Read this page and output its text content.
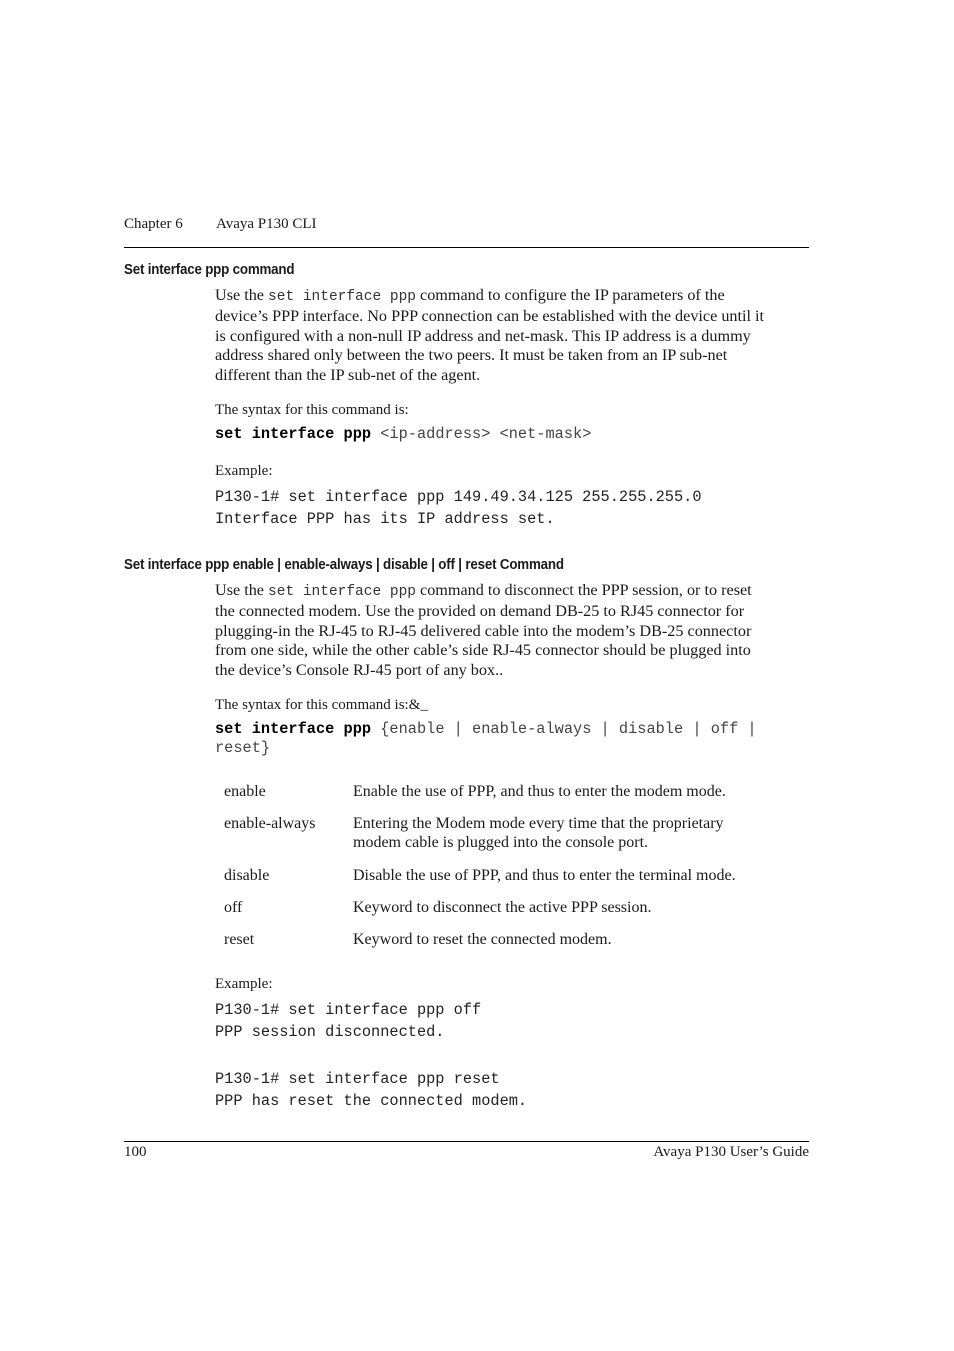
Chapter 6 Avaya P130 CLI
Set interface ppp command
Use the set interface ppp command to configure the IP parameters of the
device’s PPP interface. No PPP connection can be established with the device until it
is configured with a non-null IP address and net-mask. This IP address is a dummy
address shared only between the two peers. It must be taken from an IP sub-net
different than the IP sub-net of the agent.
The syntax for this command is:
set interface ppp <ip-address> <net-mask>
Example:
P130-1# set interface ppp 149.49.34.125 255.255.255.0
Interface PPP has its IP address set.
Set interface ppp enable | enable-always | disable | off | reset Command
Use the set interface ppp command to disconnect the PPP session, or to reset
the connected modem. Use the provided on demand DB-25 to RJ45 connector for
plugging-in the RJ-45 to RJ-45 delivered cable into the modem’s DB-25 connector
from one side, while the other cable’s side RJ-45 connector should be plugged into
the device’s Console RJ-45 port of any box..
The syntax for this command is:&_
set interface ppp {enable | enable-always | disable | off |
reset}
enable	Enable the use of PPP, and thus to enter the modem mode.
enable-always Entering the Modem mode every time that the proprietary
modem cable is plugged into the console port.
disable	Disable the use of PPP, and thus to enter the terminal mode.
off	Keyword to disconnect the active PPP session.
reset	Keyword to reset the connected modem.
Example:
P130-1# set interface ppp off
PPP session disconnected.
P130-1# set interface ppp reset
PPP has reset the connected modem.
100	Avaya P130 User’s Guide
